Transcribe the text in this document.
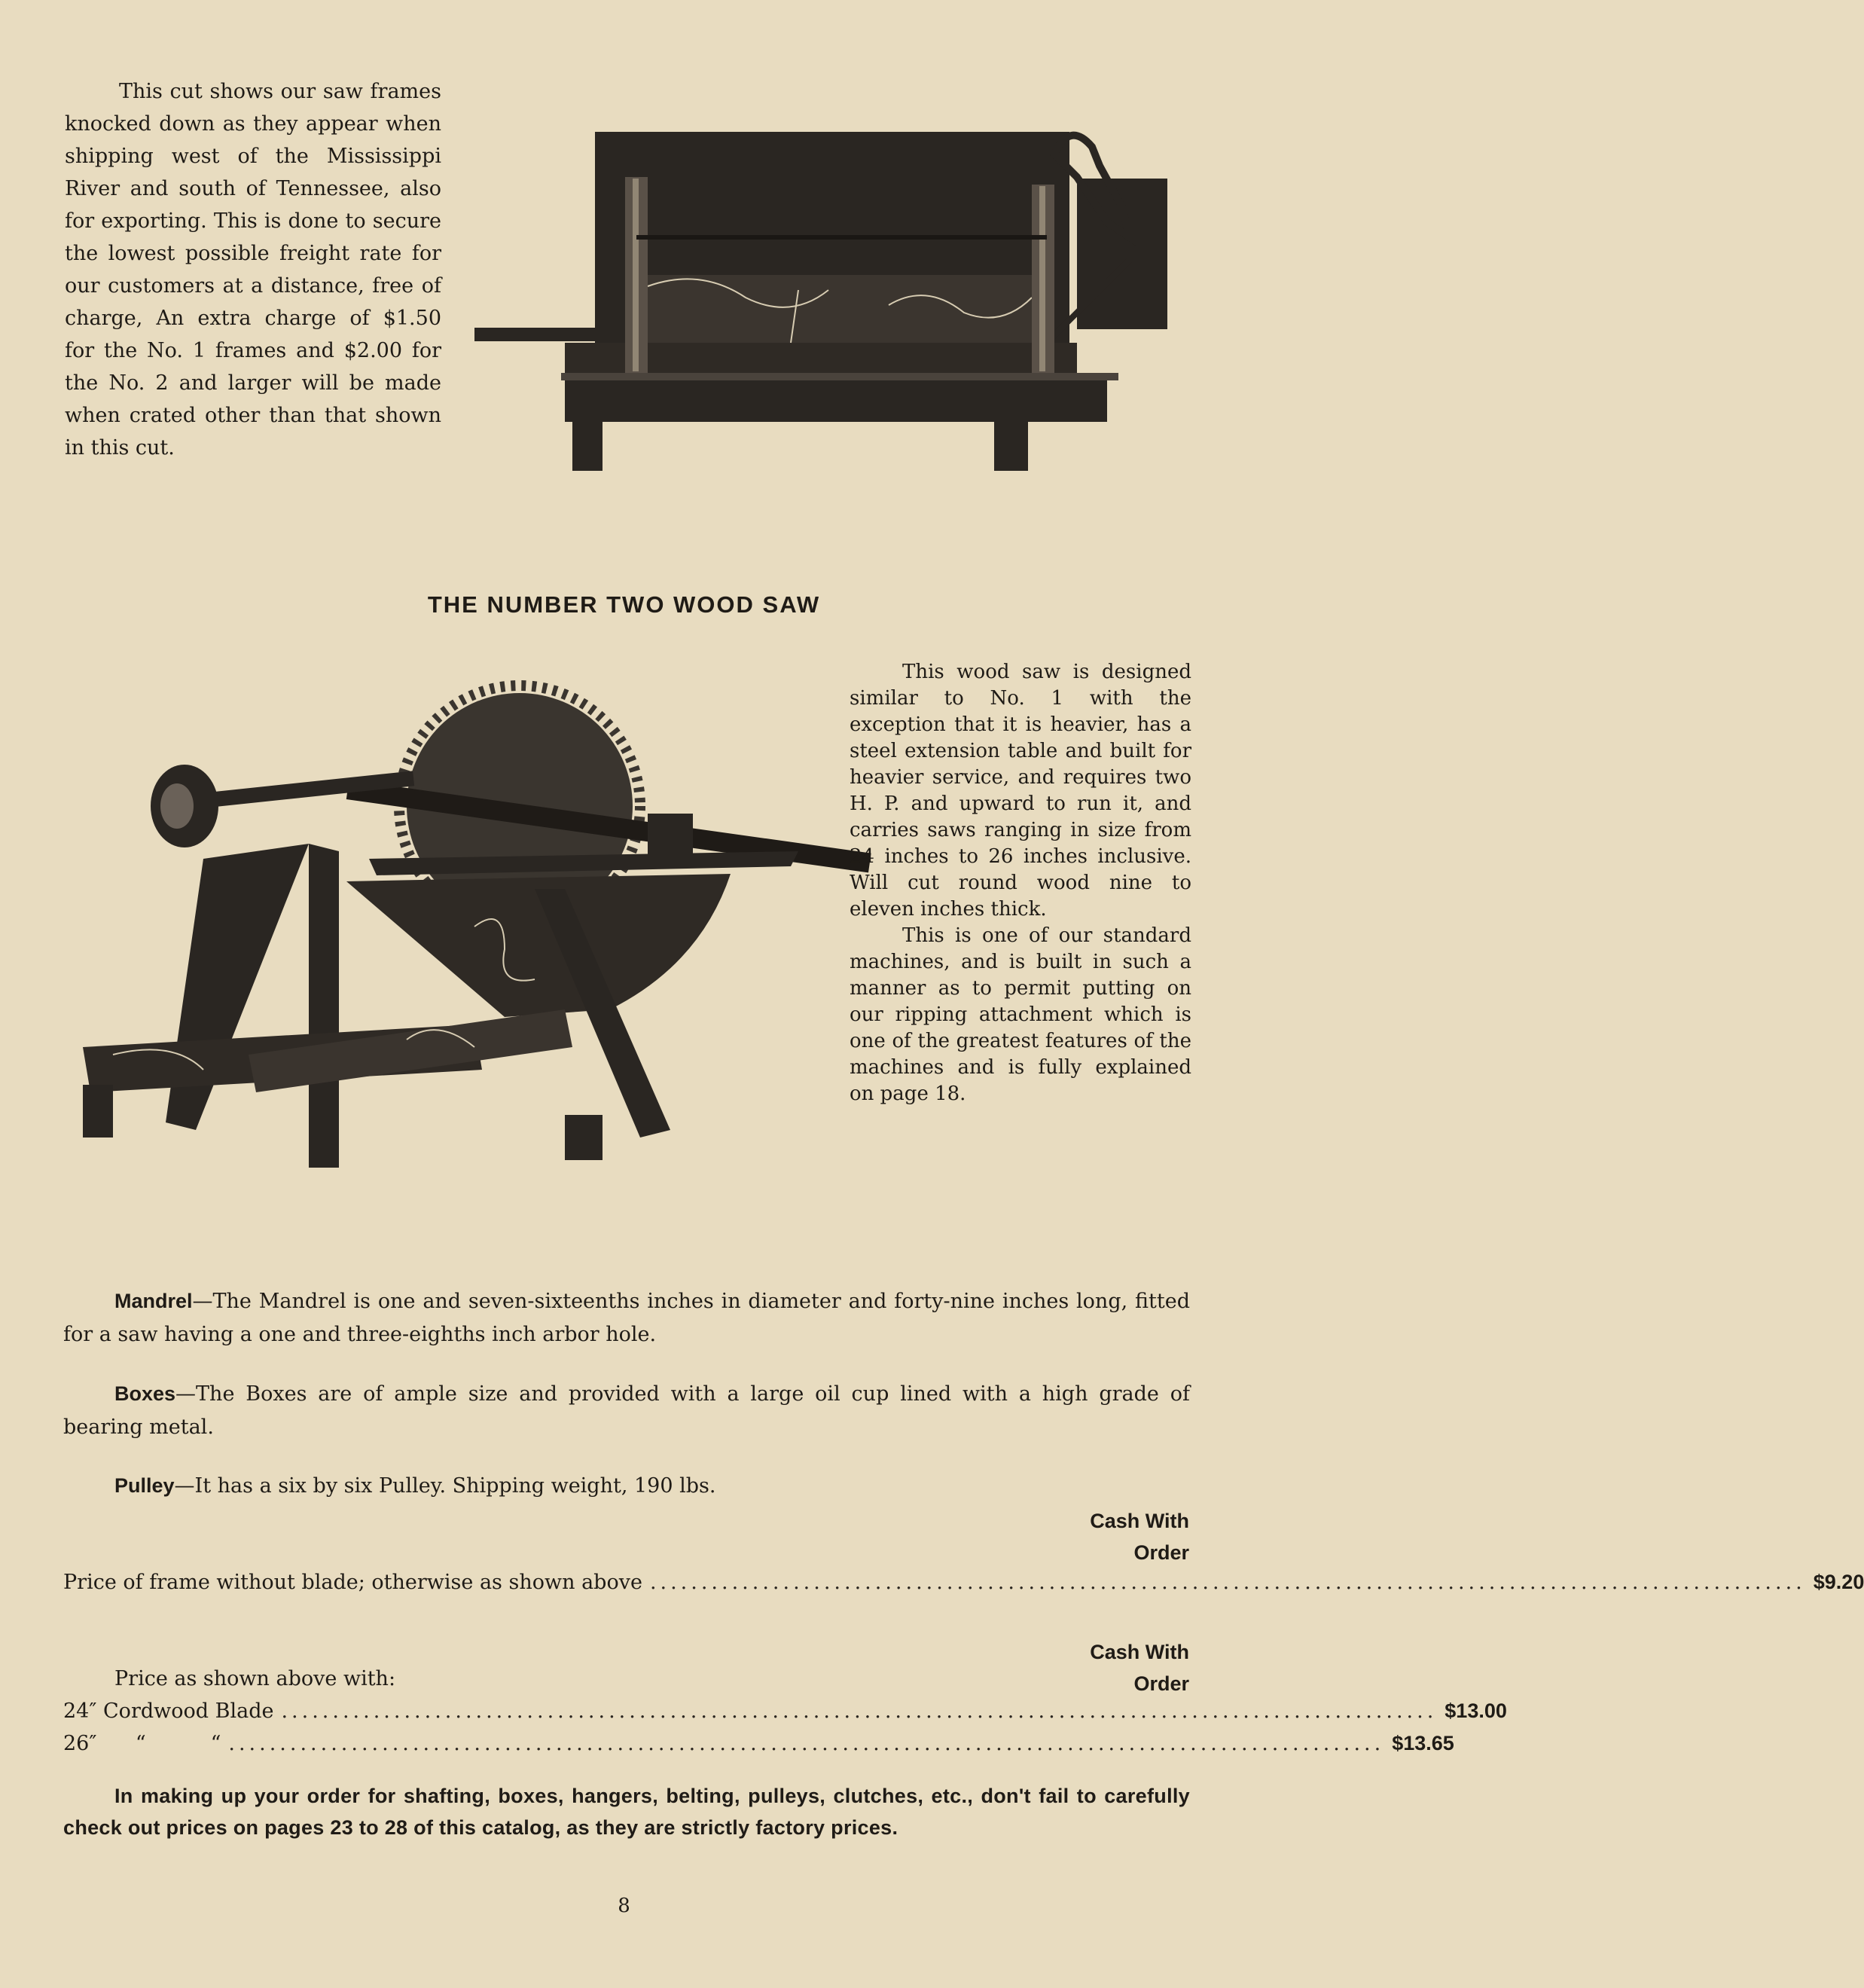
This cut shows our saw frames knocked down as they appear when shipping west of the Mississippi River and south of Tennessee, also for exporting. This is done to secure the lowest possible freight rate for our customers at a distance, free of charge, An extra charge of $1.50 for the No. 1 frames and $2.00 for the No. 2 and larger will be made when crated other than that shown in this cut.
THE NUMBER TWO WOOD SAW

This wood saw is designed similar to No. 1 with the exception that it is heavier, has a steel extension table and built for heavier service, and requires two H. P. and upward to run it, and carries saws ranging in size from 24 inches to 26 inches inclusive. Will cut round wood nine to eleven inches thick.

This is one of our standard machines, and is built in such a manner as to permit putting on our ripping attachment which is one of the greatest features of the machines and is fully explained on page 18.

Mandrel—The Mandrel is one and seven-sixteenths inches in diameter and forty-nine inches long, fitted for a saw having a one and three-eighths inch arbor hole.
Boxes—The Boxes are of ample size and provided with a large oil cup lined with a high grade of bearing metal.
Pulley—It has a six by six Pulley. Shipping weight, 190 lbs.
Cash With
Order
Price of frame without blade; otherwise as shown above ................................................................................................................. $9.20
Cash With
Order
Price as shown above with:
24″ Cordwood Blade ................................................................................................................. $13.00
26″      “          “ ................................................................................................................. $13.65
In making up your order for shafting, boxes, hangers, belting, pulleys, clutches, etc., don't fail to carefully check out prices on pages 23 to 28 of this catalog, as they are strictly factory prices.
8
